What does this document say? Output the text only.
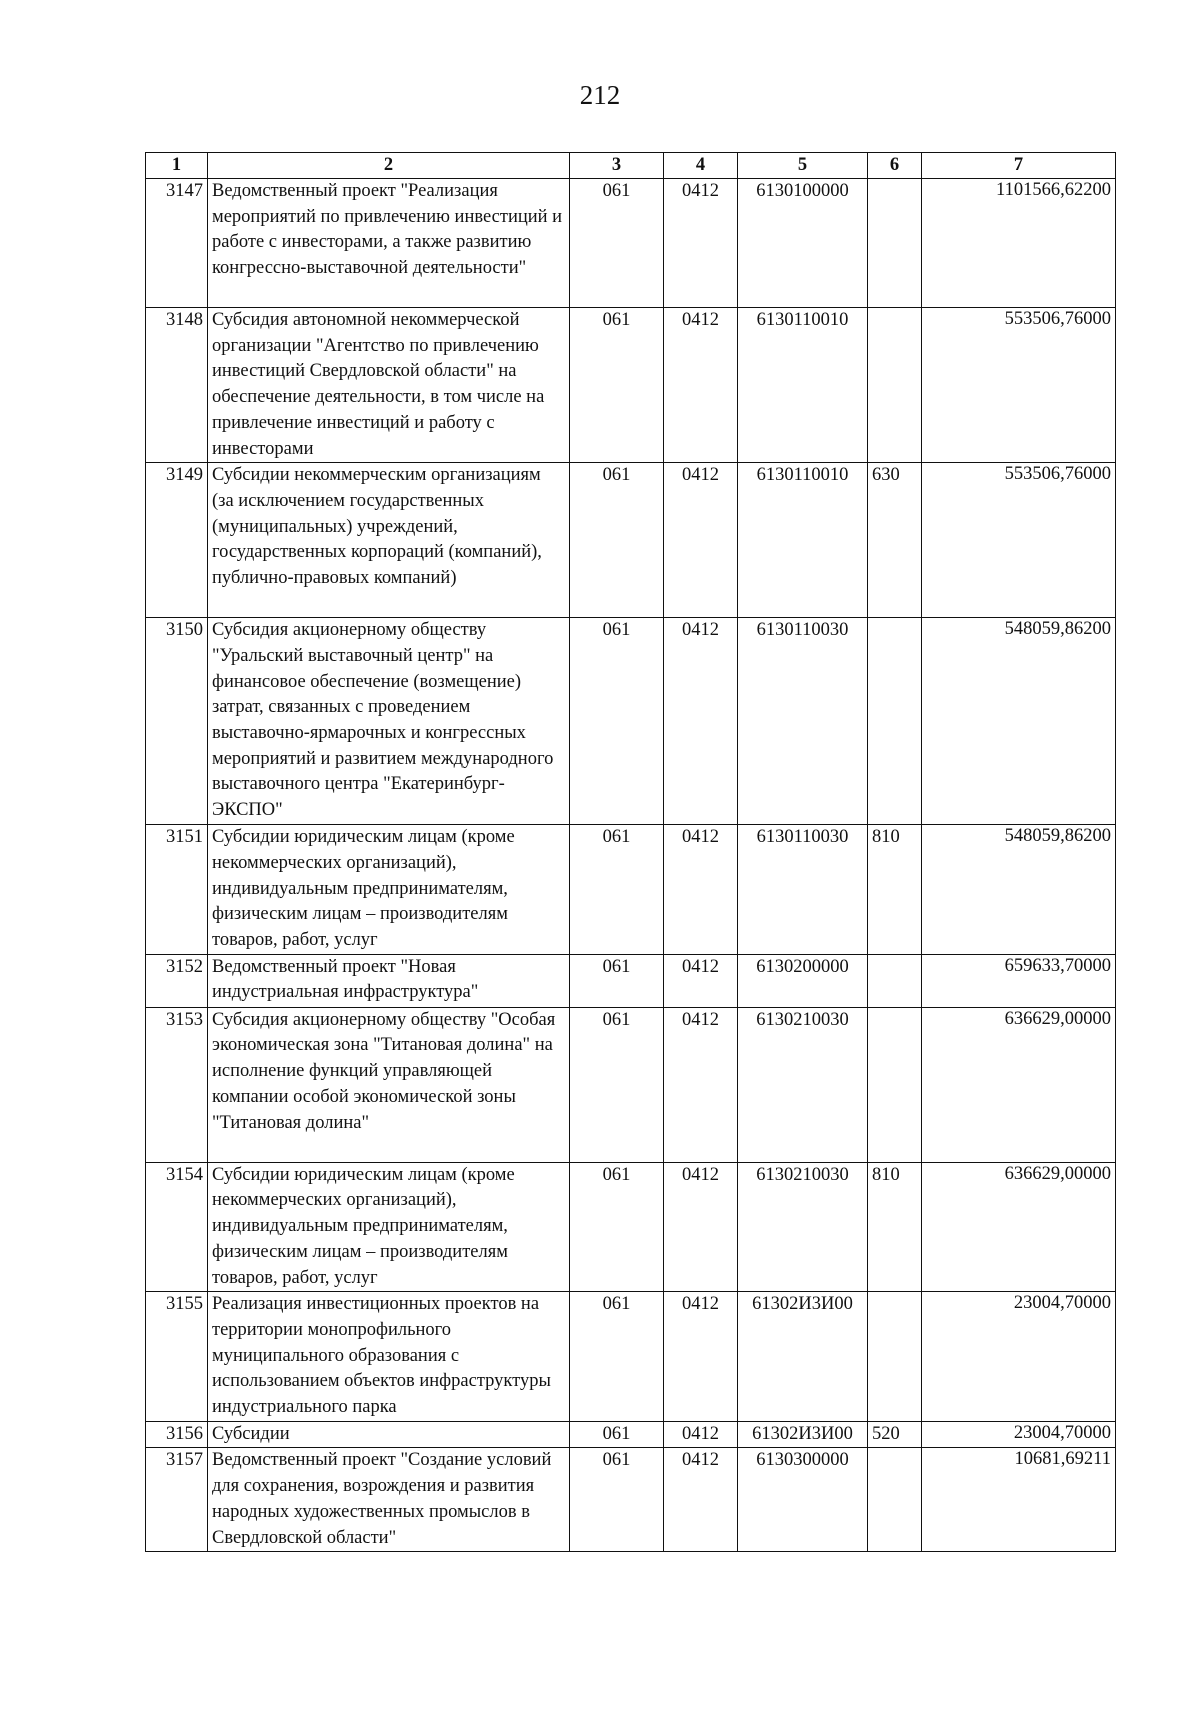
212
1	2	3	4	5	6	7
3147	Ведомственный проект "Реализация мероприятий по привлечению инвестиций и работе с инвесторами, а также развитию конгрессно-выставочной деятельности"	061	0412	6130100000		1101566,62200
3148	Субсидия автономной некоммерческой организации "Агентство по привлечению инвестиций Свердловской области" на обеспечение деятельности, в том числе на привлечение инвестиций и работу с инвесторами	061	0412	6130110010		553506,76000
3149	Субсидии некоммерческим организациям (за исключением государственных (муниципальных) учреждений, государственных корпораций (компаний), публично-правовых компаний)	061	0412	6130110010	630	553506,76000
3150	Субсидия акционерному обществу "Уральский выставочный центр" на финансовое обеспечение (возмещение) затрат, связанных с проведением выставочно-ярмарочных и конгрессных мероприятий и развитием международного выставочного центра "Екатеринбург-ЭКСПО"	061	0412	6130110030		548059,86200
3151	Субсидии юридическим лицам (кроме некоммерческих организаций), индивидуальным предпринимателям, физическим лицам – производителям товаров, работ, услуг	061	0412	6130110030	810	548059,86200
3152	Ведомственный проект "Новая индустриальная инфраструктура"	061	0412	6130200000		659633,70000
3153	Субсидия акционерному обществу "Особая экономическая зона "Титановая долина" на исполнение функций управляющей компании особой экономической зоны "Титановая долина"	061	0412	6130210030		636629,00000
3154	Субсидии юридическим лицам (кроме некоммерческих организаций), индивидуальным предпринимателям, физическим лицам – производителям товаров, работ, услуг	061	0412	6130210030	810	636629,00000
3155	Реализация инвестиционных проектов на территории монопрофильного муниципального образования с использованием объектов инфраструктуры индустриального парка	061	0412	61302И3И00		23004,70000
3156	Субсидии	061	0412	61302И3И00	520	23004,70000
3157	Ведомственный проект "Создание условий для сохранения, возрождения и развития народных художественных промыслов в Свердловской области"	061	0412	6130300000		10681,69211
